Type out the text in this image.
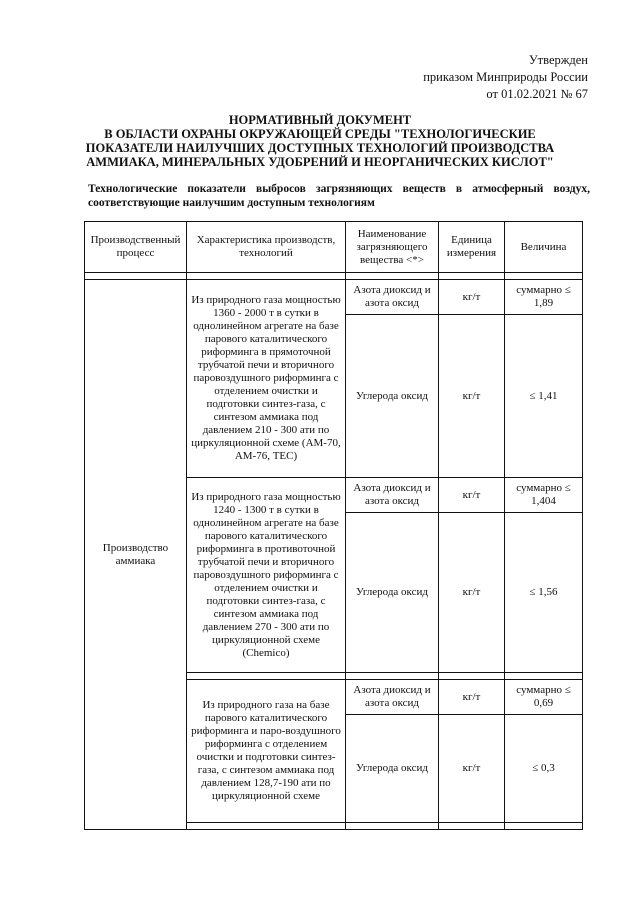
Утвержден
приказом Минприроды России
от 01.02.2021 № 67
НОРМАТИВНЫЙ ДОКУМЕНТ
В ОБЛАСТИ ОХРАНЫ ОКРУЖАЮЩЕЙ СРЕДЫ "ТЕХНОЛОГИЧЕСКИЕ
ПОКАЗАТЕЛИ НАИЛУЧШИХ ДОСТУПНЫХ ТЕХНОЛОГИЙ ПРОИЗВОДСТВА
АММИАКА, МИНЕРАЛЬНЫХ УДОБРЕНИЙ И НЕОРГАНИЧЕСКИХ КИСЛОТ"
Технологические показатели выбросов загрязняющих веществ в атмосферный воздух, соответствующие наилучшим доступным технологиям
Производственный процесс	Характеристика производств, технологий	Наименование загрязняющего вещества <*>	Единица измерения	Величина

Производство аммиака	Из природного газа мощностью 1360 - 2000 т в сутки в однолинейном агрегате на базе парового каталитического риформинга в прямоточной трубчатой печи и вторичного паровоздушного риформинга с отделением очистки и подготовки синтез-газа, с синтезом аммиака под давлением 210 - 300 ати по циркуляционной схеме (АМ-70, АМ-76, ТЕС)	Азота диоксид и азота оксид	кг/т	суммарно ≤ 1,89
		Углерода оксид	кг/т	≤ 1,41
	Из природного газа мощностью 1240 - 1300 т в сутки в однолинейном агрегате на базе парового каталитического риформинга в противоточной трубчатой печи и вторичного паровоздушного риформинга с отделением очистки и подготовки синтез-газа, с синтезом аммиака под давлением 270 - 300 ати по циркуляционной схеме (Chemico)	Азота диоксид и азота оксид	кг/т	суммарно ≤ 1,404
		Углерода оксид	кг/т	≤ 1,56

	Из природного газа на базе парового каталитического риформинга и паро-воздушного риформинга с отделением очистки и подготовки синтез-газа, с синтезом аммиака под давлением 128,7-190 ати по циркуляционной схеме	Азота диоксид и азота оксид	кг/т	суммарно ≤ 0,69
		Углерода оксид	кг/т	≤ 0,3
